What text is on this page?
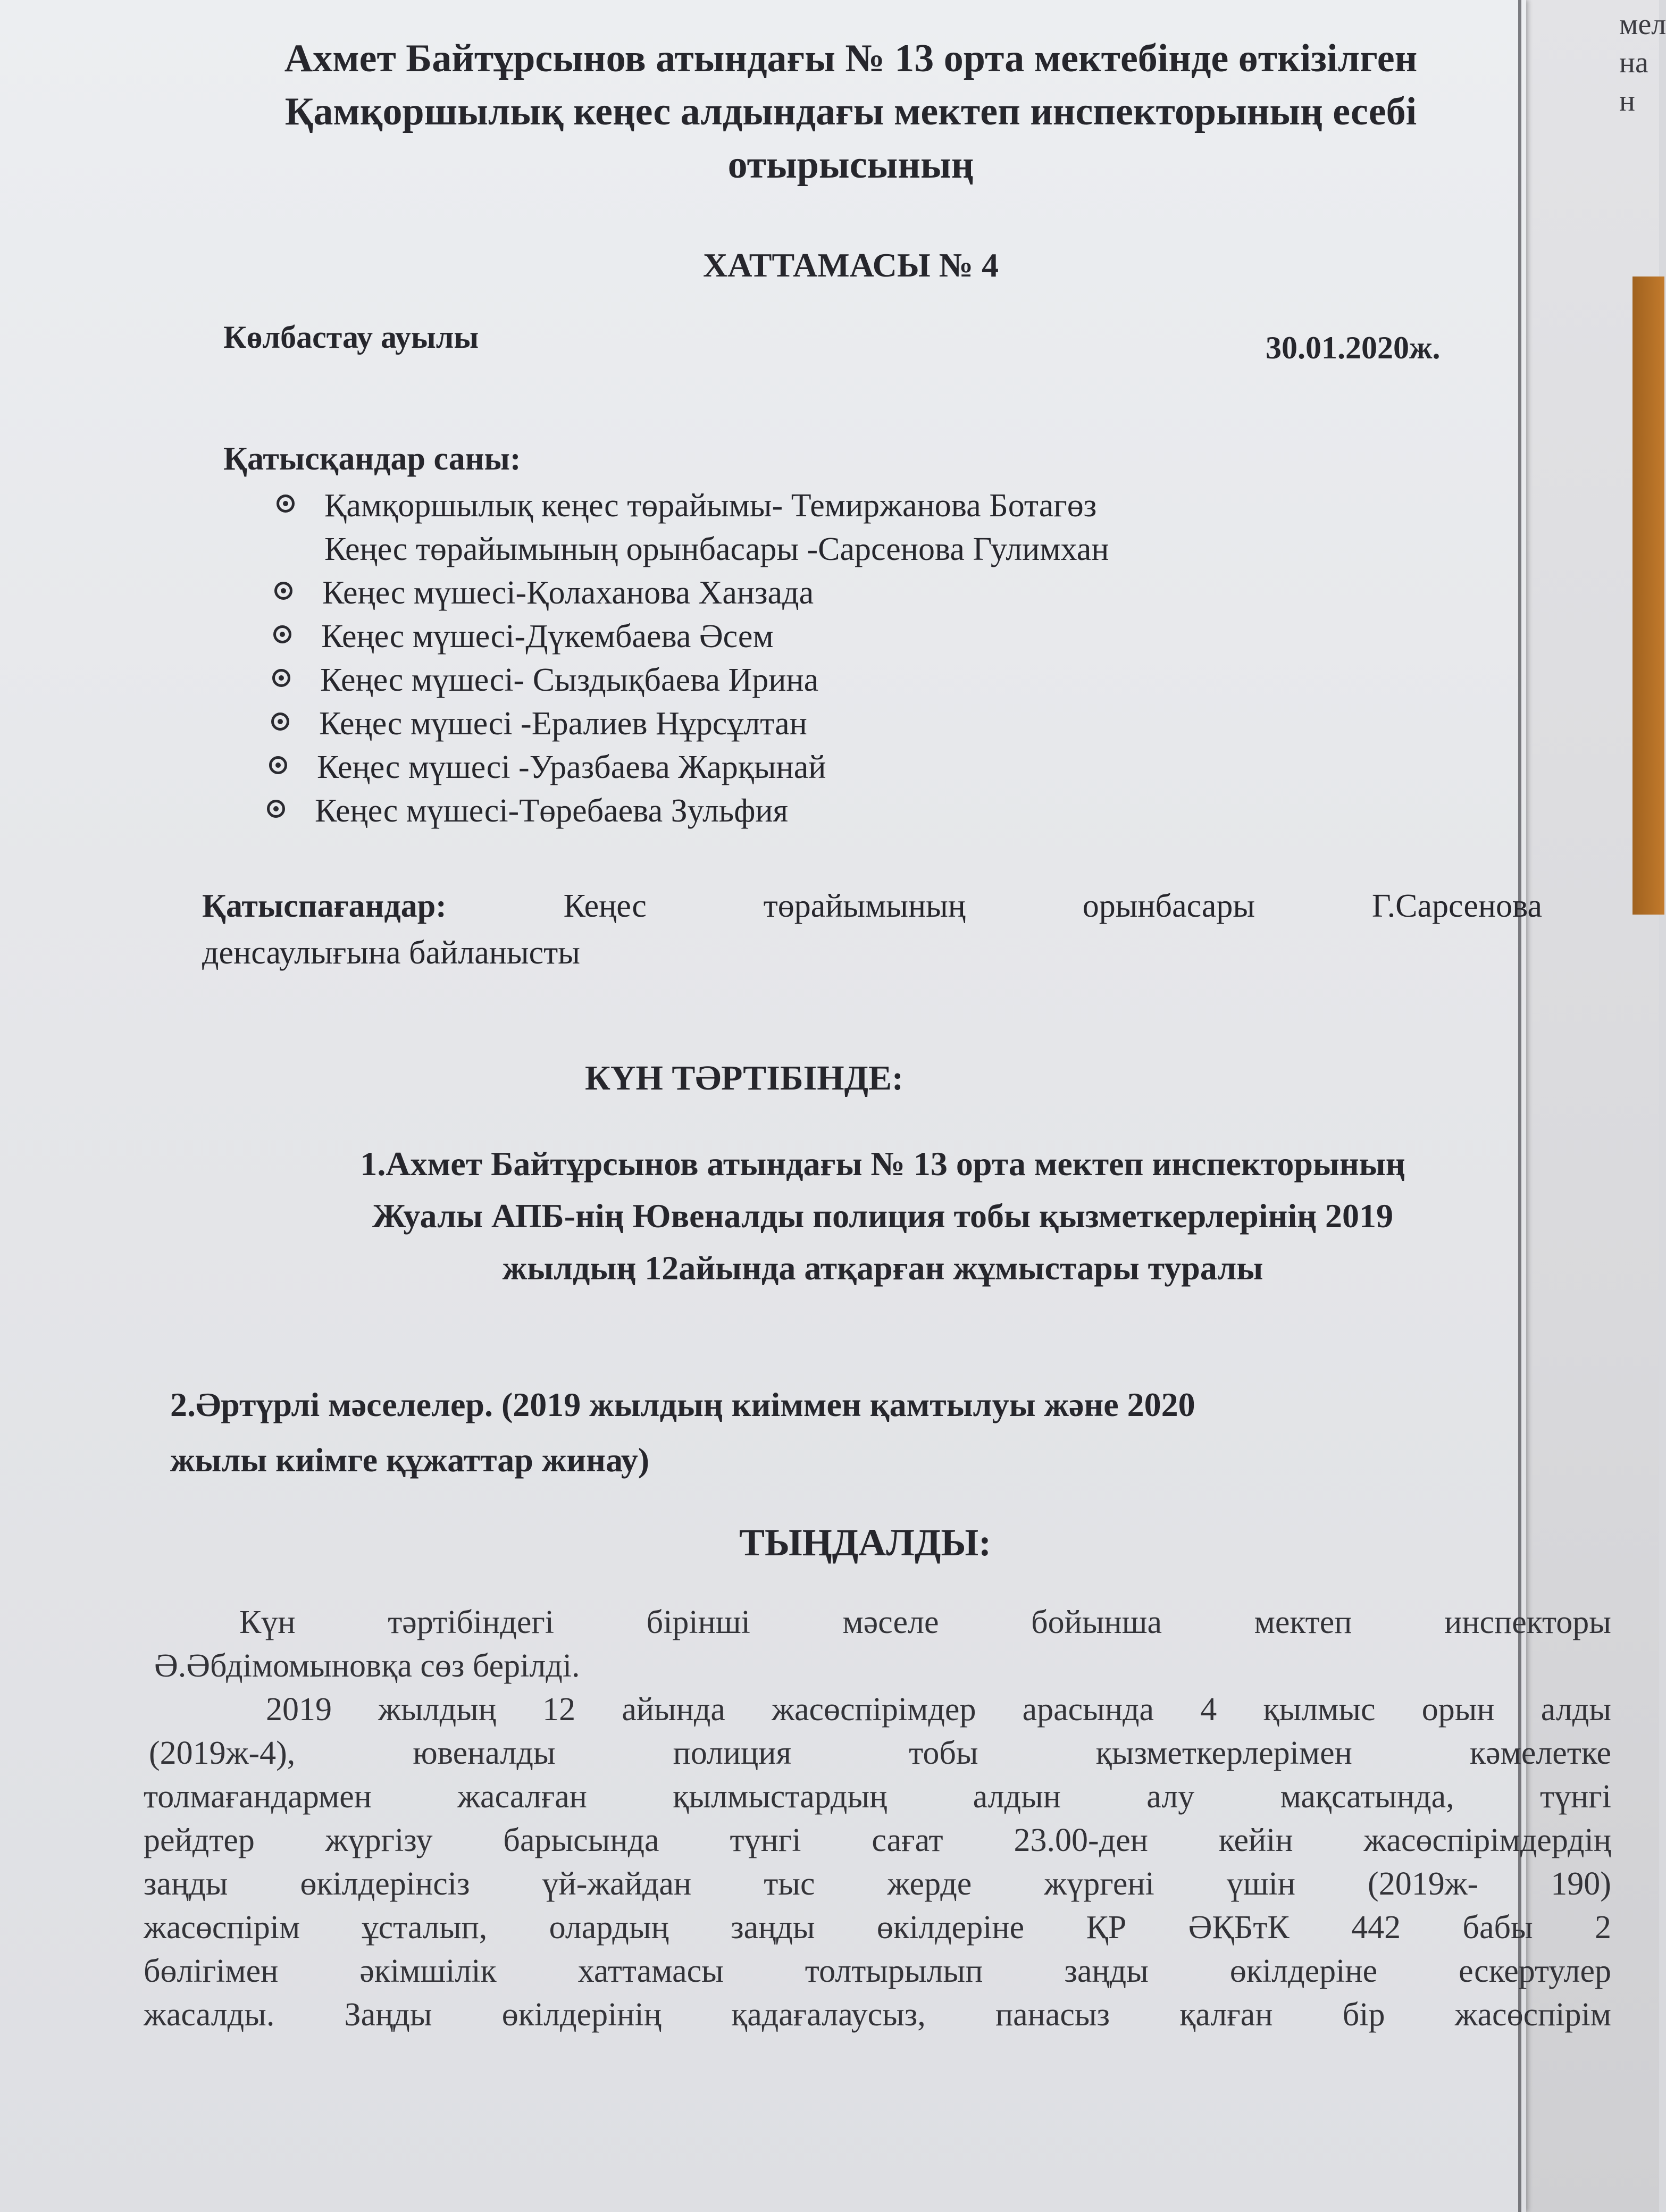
мел
на
н
Ахмет Байтұрсынов атындағы № 13 орта мектебінде өткізілген
Қамқоршылық кеңес алдындағы мектеп инспекторының есебі
отырысының
ХАТТАМАСЫ № 4
Көлбастау ауылы	30.01.2020ж.
Қатысқандар саны:
Қамқоршылық кеңес төрайымы- Темиржанова Ботагөз
Кеңес төрайымының орынбасары -Сарсенова Гулимхан
Кеңес мүшесі-Қолаханова Ханзада
Кеңес мүшесі-Дүкембаева Әсем
Кеңес мүшесі- Сыздықбаева Ирина
Кеңес мүшесі -Ералиев Нұрсұлтан
Кеңес мүшесі -Уразбаева Жарқынай
Кеңес мүшесі-Төребаева Зульфия
Қатыспағандар:	Кеңес	төрайымының	орынбасары	Г.Сарсенова
денсаулығына байланысты
КҮН ТӘРТІБІНДЕ:
1.Ахмет Байтұрсынов атындағы № 13 орта мектеп инспекторының
Жуалы АПБ-нің Ювеналды полиция тобы қызметкерлерінің 2019
жылдың 12айында атқарған жұмыстары туралы
2.Әртүрлі мәселелер. (2019 жылдың киіммен қамтылуы және 2020
жылы киімге құжаттар жинау)
ТЫҢДАЛДЫ:
Күн	тәртібіндегі	бірінші	мәселе	бойынша	мектеп	инспекторы
Ә.Әбдімомыновқа сөз берілді.
2019 жылдың 12 айында жасөспірімдер арасында 4 қылмыс орын алды
(2019ж-4),	ювеналды	полиция	тобы	қызметкерлерімен	кәмелетке
толмағандармен	жасалған	қылмыстардың	алдын	алу	мақсатында,	түнгі
рейдтер жүргізу барысында түнгі сағат 23.00-ден кейін жасөспірімдердің
заңды өкілдерінсіз үй-жайдан тыс жерде жүргені үшін (2019ж- 190)
жасөспірім ұсталып, олардың заңды өкілдеріне ҚР ӘҚБтК 442 бабы 2
бөлігімен әкімшілік хаттамасы толтырылып заңды өкілдеріне ескертулер
жасалды. Заңды өкілдерінің қадағалаусыз, панасыз қалған бір жасөспірім
